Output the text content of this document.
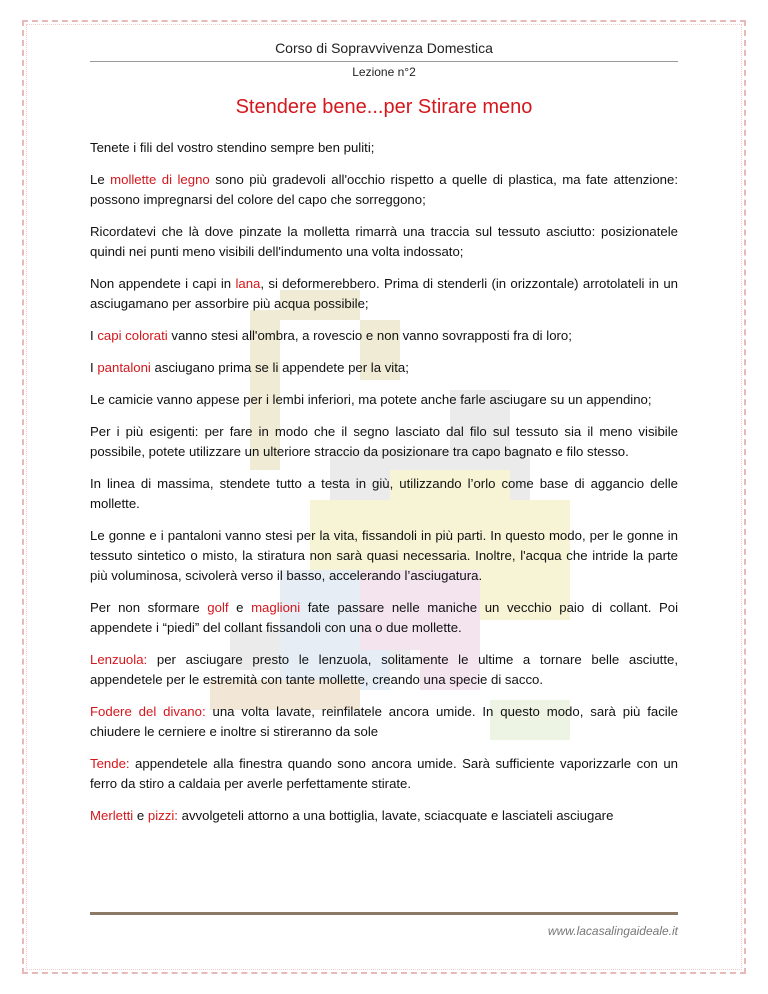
Corso di Sopravvivenza Domestica
Lezione n°2
Stendere bene...per Stirare meno

Tenete i fili del vostro stendino sempre ben puliti;

Le mollette di legno sono più gradevoli all'occhio rispetto a quelle di plastica, ma fate attenzione: possono impregnarsi del colore del capo che sorreggono;

Ricordatevi che là dove pinzate la molletta rimarrà una traccia sul tessuto asciutto: posizionatele quindi nei punti meno visibili dell'indumento una volta indossato;

Non appendete i capi in lana, si deformerebbero. Prima di stenderli (in orizzontale) arrotolateli in un asciugamano per assorbire più acqua possibile;

I capi colorati vanno stesi all'ombra, a rovescio e non vanno sovrapposti fra di loro;

I pantaloni asciugano prima se li appendete per la vita;

Le camicie vanno appese per i lembi inferiori, ma potete anche farle asciugare su un appendino;

Per i più esigenti: per fare in modo che il segno lasciato dal filo sul tessuto sia il meno visibile possibile, potete utilizzare un ulteriore straccio da posizionare tra capo bagnato e filo stesso.

In linea di massima, stendete tutto a testa in giù, utilizzando l’orlo come base di aggancio delle mollette.

Le gonne e i pantaloni vanno stesi per la vita, fissandoli in più parti. In questo modo, per le gonne in tessuto sintetico o misto, la stiratura non sarà quasi necessaria. Inoltre, l'acqua che intride la parte più voluminosa, scivolerà verso il basso, accelerando l’asciugatura.

Per non sformare golf e maglioni fate passare nelle maniche un vecchio paio di collant. Poi appendete i “piedi” del collant fissandoli con una o due mollette.

Lenzuola: per asciugare presto le lenzuola, solitamente le ultime a tornare belle asciutte, appendetele per le estremità con tante mollette, creando una specie di sacco.

Fodere del divano: una volta lavate, reinfilatele ancora umide. In questo modo, sarà più facile chiudere le cerniere e inoltre si stireranno da sole

Tende: appendetele alla finestra quando sono ancora umide. Sarà sufficiente vaporizzarle con un ferro da stiro a caldaia per averle perfettamente stirate.

Merletti e pizzi: avvolgeteli attorno a una bottiglia, lavate, sciacquate e lasciateli asciugare

www.lacasalingaideale.it
